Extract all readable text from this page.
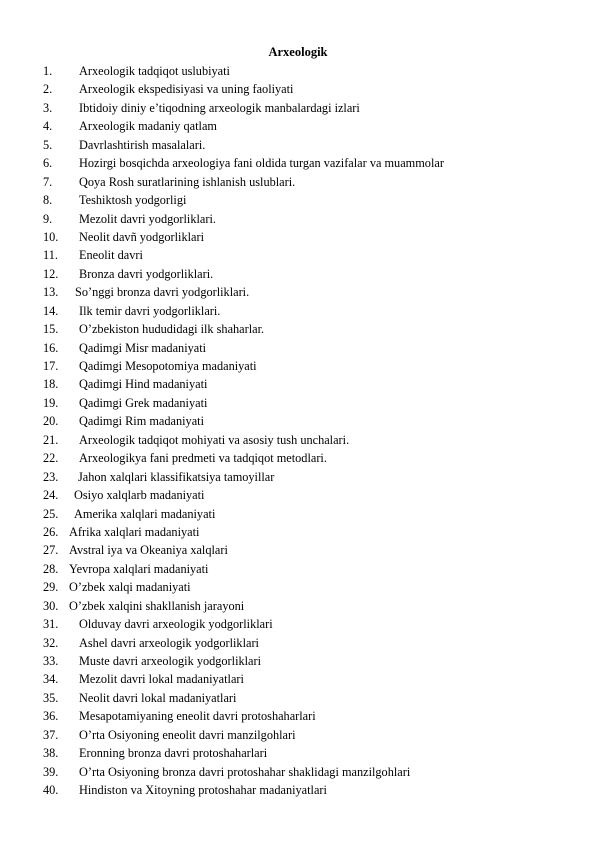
Arxeologik
1. Arxeologik tadqiqot uslubiyati
2. Arxeologik ekspedisiyasi va uning faoliyati
3. Ibtidoiy diniy e’tiqodning arxeologik manbalardagi izlari
4. Arxeologik madaniy qatlam
5. Davrlashtirish masalalari.
6. Hozirgi bosqichda arxeologiya fani oldida turgan vazifalar va muammolar
7. Qoya Rosh suratlarining ishlanish uslublari.
8. Teshiktosh yodgorligi
9. Mezolit davri yodgorliklari.
10. Neolit davñ yodgorliklari
11. Eneolit davri
12. Bronza davri yodgorliklari.
13. So’nggi bronza davri yodgorliklari.
14. Ilk temir davri yodgorliklari.
15. O’zbekiston hududidagi ilk shaharlar.
16. Qadimgi Misr madaniyati
17. Qadimgi Mesopotomiya madaniyati
18. Qadimgi Hind madaniyati
19. Qadimgi Grek madaniyati
20. Qadimgi Rim madaniyati
21. Arxeologik tadqiqot mohiyati va asosiy tush unchalari.
22. Arxeologikya fani predmeti va tadqiqot metodlari.
23. Jahon xalqlari klassifikatsiya tamoyillar
24. Osiyo xalqlarb madaniyati
25. Amerika xalqlari madaniyati
26. Afrika xalqlari madaniyati
27. Avstral iya va Okeaniya xalqlari
28. Yevropa xalqlari madaniyati
29. O’zbek xalqi madaniyati
30. O’zbek xalqini shakllanish jarayoni
31. Olduvay davri arxeologik yodgorliklari
32. Ashel davri arxeologik yodgorliklari
33. Muste davri arxeologik yodgorliklari
34. Mezolit davri lokal madaniyatlari
35. Neolit davri lokal madaniyatlari
36. Mesapotamiyaning eneolit davri protoshaharlari
37. O’rta Osiyoning eneolit davri manzilgohlari
38. Eronning bronza davri protoshaharlari
39. O’rta Osiyoning bronza davri protoshahar shaklidagi manzilgohlari
40. Hindiston va Xitoyning protoshahar madaniyatlari
